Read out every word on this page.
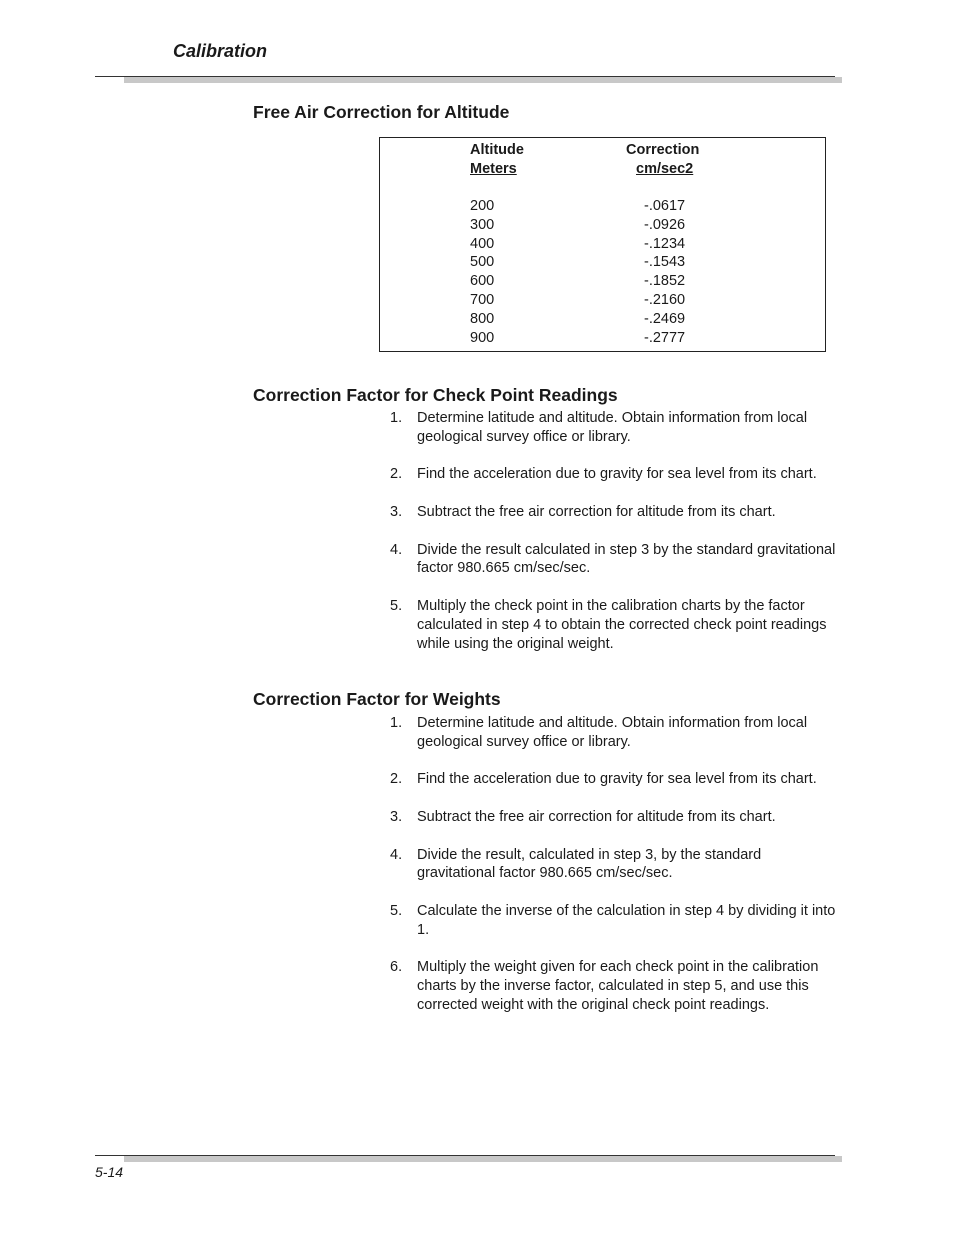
Calibration
Free Air Correction for Altitude
Altitude	Correction
Meters	cm/sec2
200	-.0617
300	-.0926
400	-.1234
500	-.1543
600	-.1852
700	-.2160
800	-.2469
900	-.2777
Correction Factor for Check Point Readings
1. Determine latitude and altitude. Obtain information from local geological survey office or library.
2. Find the acceleration due to gravity for sea level from its chart.
3. Subtract the free air correction for altitude from its chart.
4. Divide the result calculated in step 3 by the standard gravitational factor 980.665 cm/sec/sec.
5. Multiply the check point in the calibration charts by the factor calculated in step 4 to obtain the corrected check point readings while using the original weight.
Correction Factor for Weights
1. Determine latitude and altitude. Obtain information from local geological survey office or library.
2. Find the acceleration due to gravity for sea level from its chart.
3. Subtract the free air correction for altitude from its chart.
4. Divide the result, calculated in step 3, by the standard gravitational factor 980.665 cm/sec/sec.
5. Calculate the inverse of the calculation in step 4 by dividing it into 1.
6. Multiply the weight given for each check point in the calibration charts by the inverse factor, calculated in step 5, and use this corrected weight with the original check point readings.
5-14
